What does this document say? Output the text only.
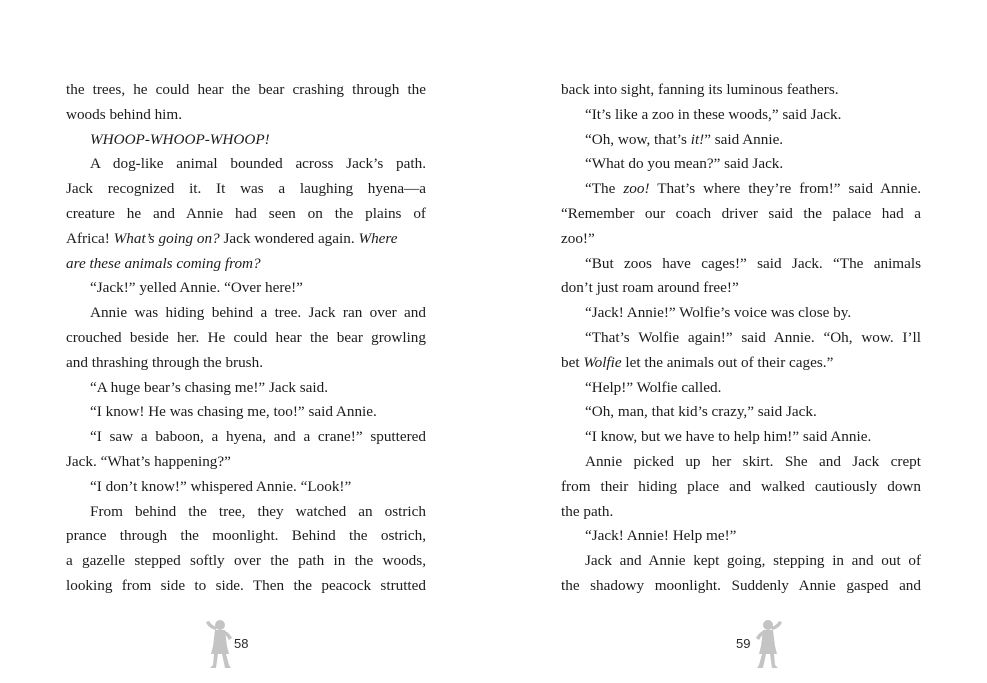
the trees, he could hear the bear crashing through the
woods behind him.
WHOOP-WHOOP-WHOOP!
A dog-like animal bounded across Jack’s path.
Jack recognized it. It was a laughing hyena—a
creature he and Annie had seen on the plains of
Africa! What’s going on? Jack wondered again. Where
are these animals coming from?
“Jack!” yelled Annie. “Over here!”
Annie was hiding behind a tree. Jack ran over and
crouched beside her. He could hear the bear growling
and thrashing through the brush.
“A huge bear’s chasing me!” Jack said.
“I know! He was chasing me, too!” said Annie.
“I saw a baboon, a hyena, and a crane!” sputtered
Jack. “What’s happening?”
“I don’t know!” whispered Annie. “Look!”
From behind the tree, they watched an ostrich
prance through the moonlight. Behind the ostrich,
a gazelle stepped softly over the path in the woods,
looking from side to side. Then the peacock strutted
back into sight, fanning its luminous feathers.
“It’s like a zoo in these woods,” said Jack.
“Oh, wow, that’s it!” said Annie.
“What do you mean?” said Jack.
“The zoo! That’s where they’re from!” said Annie.
“Remember our coach driver said the palace had a
zoo!”
“But zoos have cages!” said Jack. “The animals
don’t just roam around free!”
“Jack! Annie!” Wolfie’s voice was close by.
“That’s Wolfie again!” said Annie. “Oh, wow. I’ll
bet Wolfie let the animals out of their cages.”
“Help!” Wolfie called.
“Oh, man, that kid’s crazy,” said Jack.
“I know, but we have to help him!” said Annie.
Annie picked up her skirt. She and Jack crept
from their hiding place and walked cautiously down
the path.
“Jack! Annie! Help me!”
Jack and Annie kept going, stepping in and out of
the shadowy moonlight. Suddenly Annie gasped and
58	59
